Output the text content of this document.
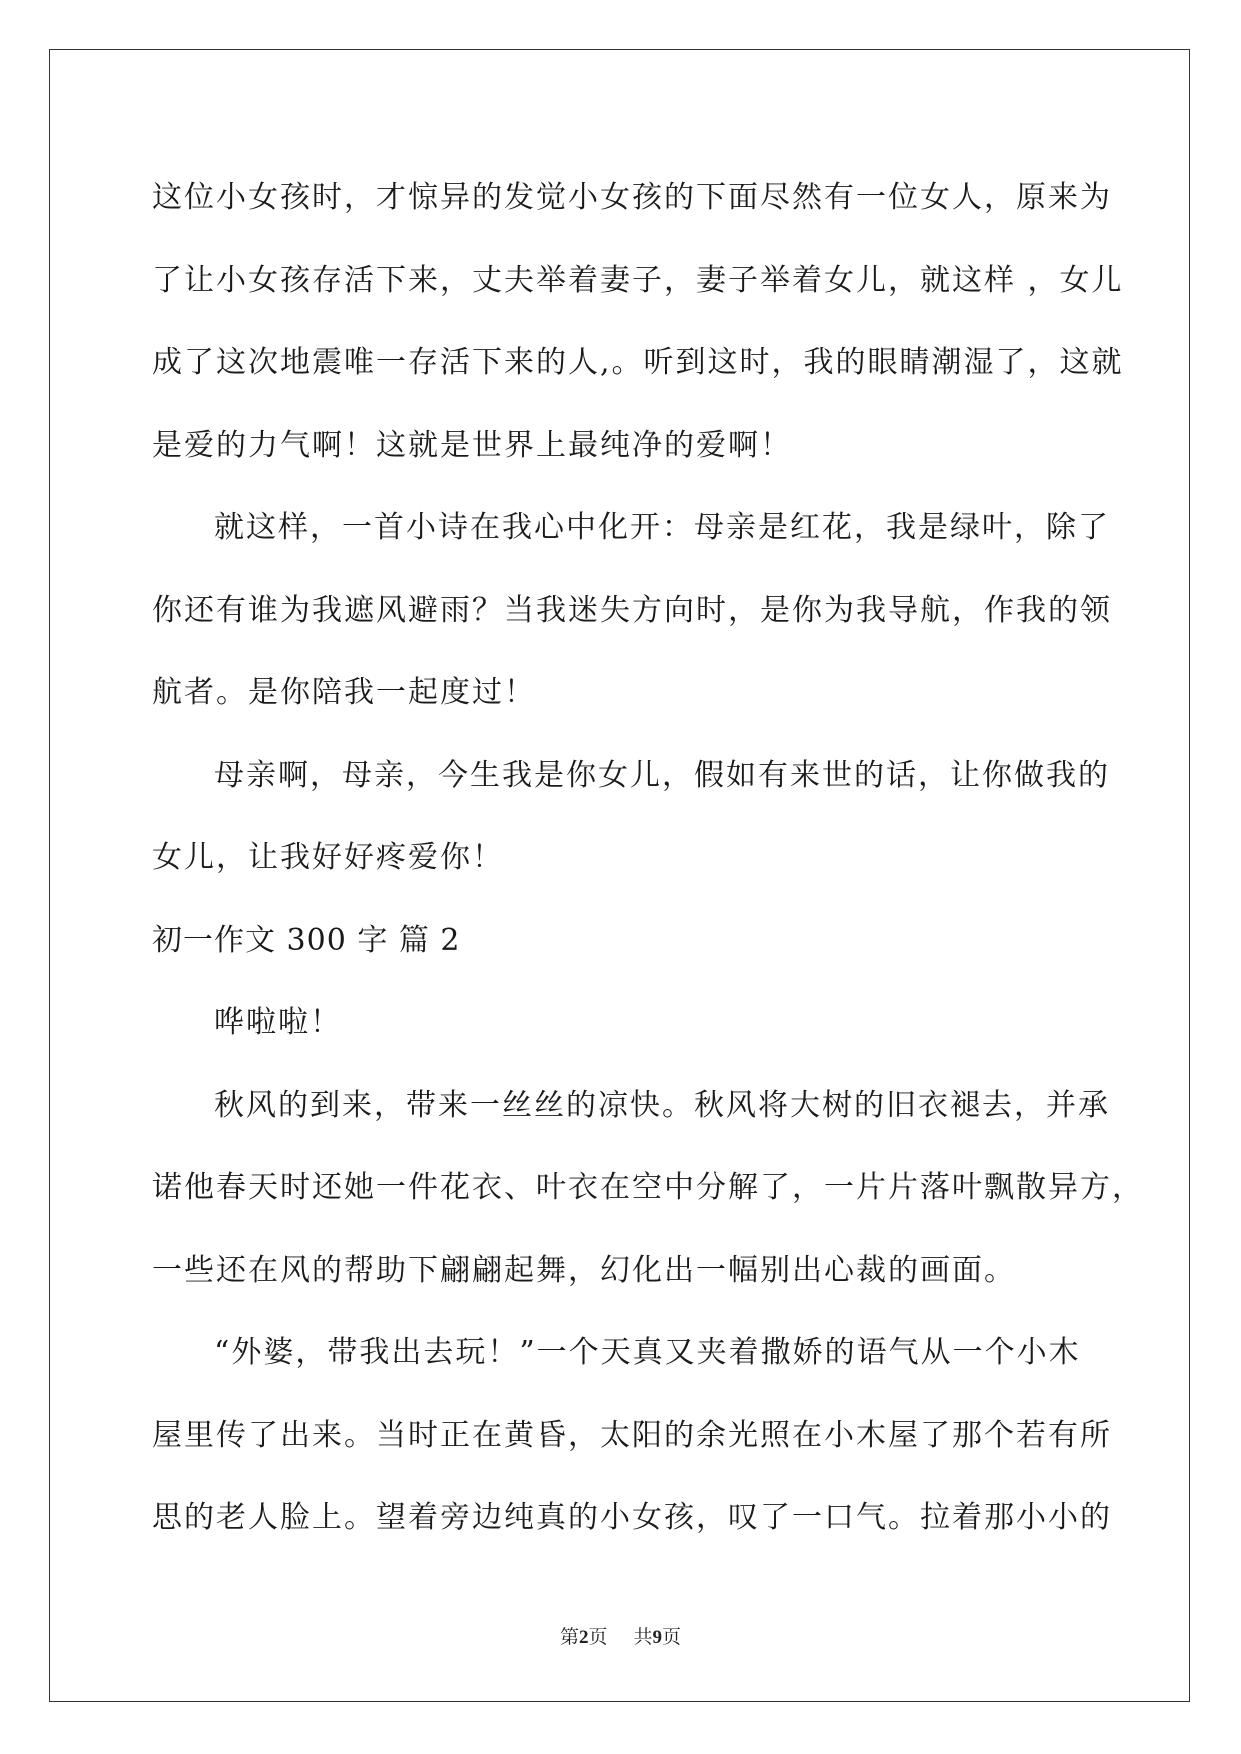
这位小女孩时，才惊异的发觉小女孩的下面尽然有一位女人，原来为
了让小女孩存活下来，丈夫举着妻子，妻子举着女儿，就这样 ，女儿
成了这次地震唯一存活下来的人,。听到这时，我的眼睛潮湿了，这就
是爱的力气啊！这就是世界上最纯净的爱啊！
就这样，一首小诗在我心中化开：母亲是红花，我是绿叶，除了
你还有谁为我遮风避雨？当我迷失方向时，是你为我导航，作我的领
航者。是你陪我一起度过！
母亲啊，母亲，今生我是你女儿，假如有来世的话，让你做我的
女儿，让我好好疼爱你！
初一作文 300 字 篇 2
哗啦啦！
秋风的到来，带来一丝丝的凉快。秋风将大树的旧衣褪去，并承
诺他春天时还她一件花衣、叶衣在空中分解了，一片片落叶飘散异方，
一些还在风的帮助下翩翩起舞，幻化出一幅别出心裁的画面。
“外婆，带我出去玩！”一个天真又夹着撒娇的语气从一个小木
屋里传了出来。当时正在黄昏，太阳的余光照在小木屋了那个若有所
思的老人脸上。望着旁边纯真的小女孩，叹了一口气。拉着那小小的
第2页 共9页
